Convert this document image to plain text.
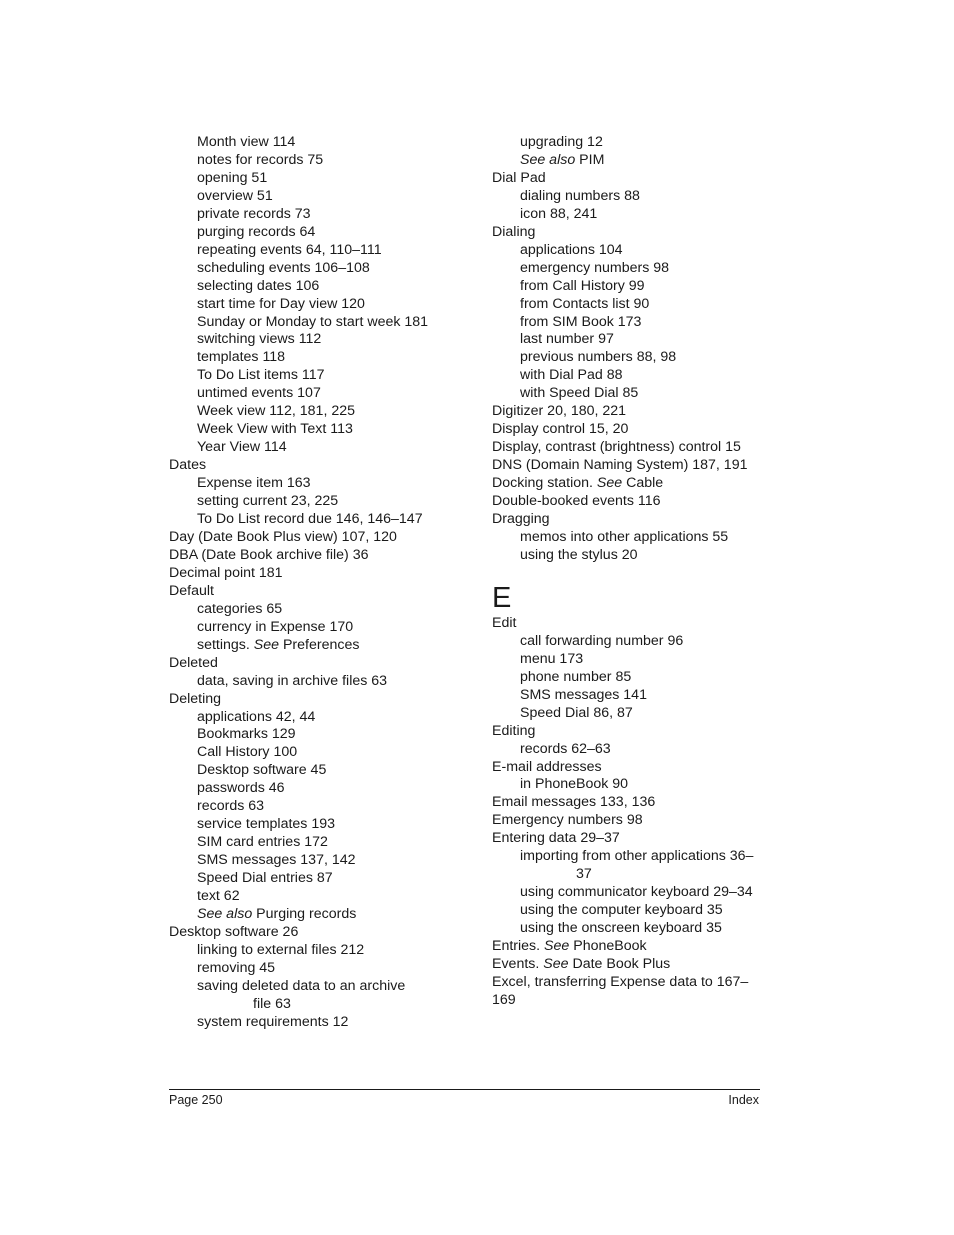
Month view 114
notes for records 75
opening 51
overview 51
private records 73
purging records 64
repeating events 64, 110–111
scheduling events 106–108
selecting dates 106
start time for Day view 120
Sunday or Monday to start week 181
switching views 112
templates 118
To Do List items 117
untimed events 107
Week view 112, 181, 225
Week View with Text 113
Year View 114
Dates
Expense item 163
setting current 23, 225
To Do List record due 146, 146–147
Day (Date Book Plus view) 107, 120
DBA (Date Book archive file) 36
Decimal point 181
Default
categories 65
currency in Expense 170
settings. See Preferences
Deleted
data, saving in archive files 63
Deleting
applications 42, 44
Bookmarks 129
Call History 100
Desktop software 45
passwords 46
records 63
service templates 193
SIM card entries 172
SMS messages 137, 142
Speed Dial entries 87
text 62
See also Purging records
Desktop software 26
linking to external files 212
removing 45
saving deleted data to an archive
file 63
system requirements 12
upgrading 12
See also PIM
Dial Pad
dialing numbers 88
icon 88, 241
Dialing
applications 104
emergency numbers 98
from Call History 99
from Contacts list 90
from SIM Book 173
last number 97
previous numbers 88, 98
with Dial Pad 88
with Speed Dial 85
Digitizer 20, 180, 221
Display control 15, 20
Display, contrast (brightness) control 15
DNS (Domain Naming System) 187, 191
Docking station. See Cable
Double-booked events 116
Dragging
memos into other applications 55
using the stylus 20
E
Edit
call forwarding number 96
menu 173
phone number 85
SMS messages 141
Speed Dial 86, 87
Editing
records 62–63
E-mail addresses
in PhoneBook 90
Email messages 133, 136
Emergency numbers 98
Entering data 29–37
importing from other applications 36–
37
using communicator keyboard 29–34
using the computer keyboard 35
using the onscreen keyboard 35
Entries. See PhoneBook
Events. See Date Book Plus
Excel, transferring Expense data to 167–
169
Page 250	Index
